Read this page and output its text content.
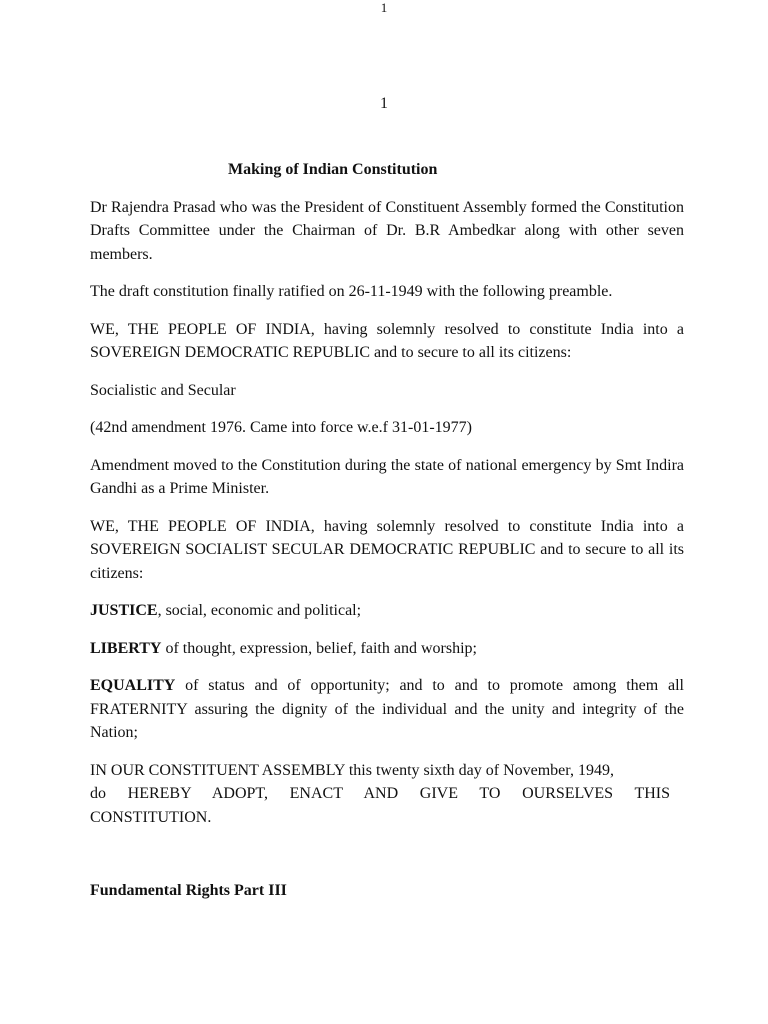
1
1

Making of Indian Constitution

Dr Rajendra Prasad who was the President of Constituent Assembly formed the Constitution Drafts Committee under the Chairman of Dr. B.R Ambedkar along with other seven members.

The draft constitution finally ratified on 26-11-1949 with the following preamble.

WE, THE PEOPLE OF INDIA, having solemnly resolved to constitute India into a SOVEREIGN DEMOCRATIC REPUBLIC and to secure to all its citizens:

Socialistic and Secular

(42nd amendment 1976. Came into force w.e.f 31-01-1977)

Amendment moved to the Constitution during the state of national emergency by Smt Indira Gandhi as a Prime Minister.

WE, THE PEOPLE OF INDIA, having solemnly resolved to constitute India into a SOVEREIGN SOCIALIST SECULAR DEMOCRATIC REPUBLIC and to secure to all its citizens:

JUSTICE, social, economic and political;

LIBERTY of thought, expression, belief, faith and worship;

EQUALITY of status and of opportunity; and to and to promote among them all FRATERNITY assuring the dignity of the individual and the unity and integrity of the Nation;

IN OUR CONSTITUENT ASSEMBLY this twenty sixth day of November, 1949,
do HEREBY ADOPT, ENACT AND GIVE TO OURSELVES THIS
CONSTITUTION.

Fundamental Rights Part III
